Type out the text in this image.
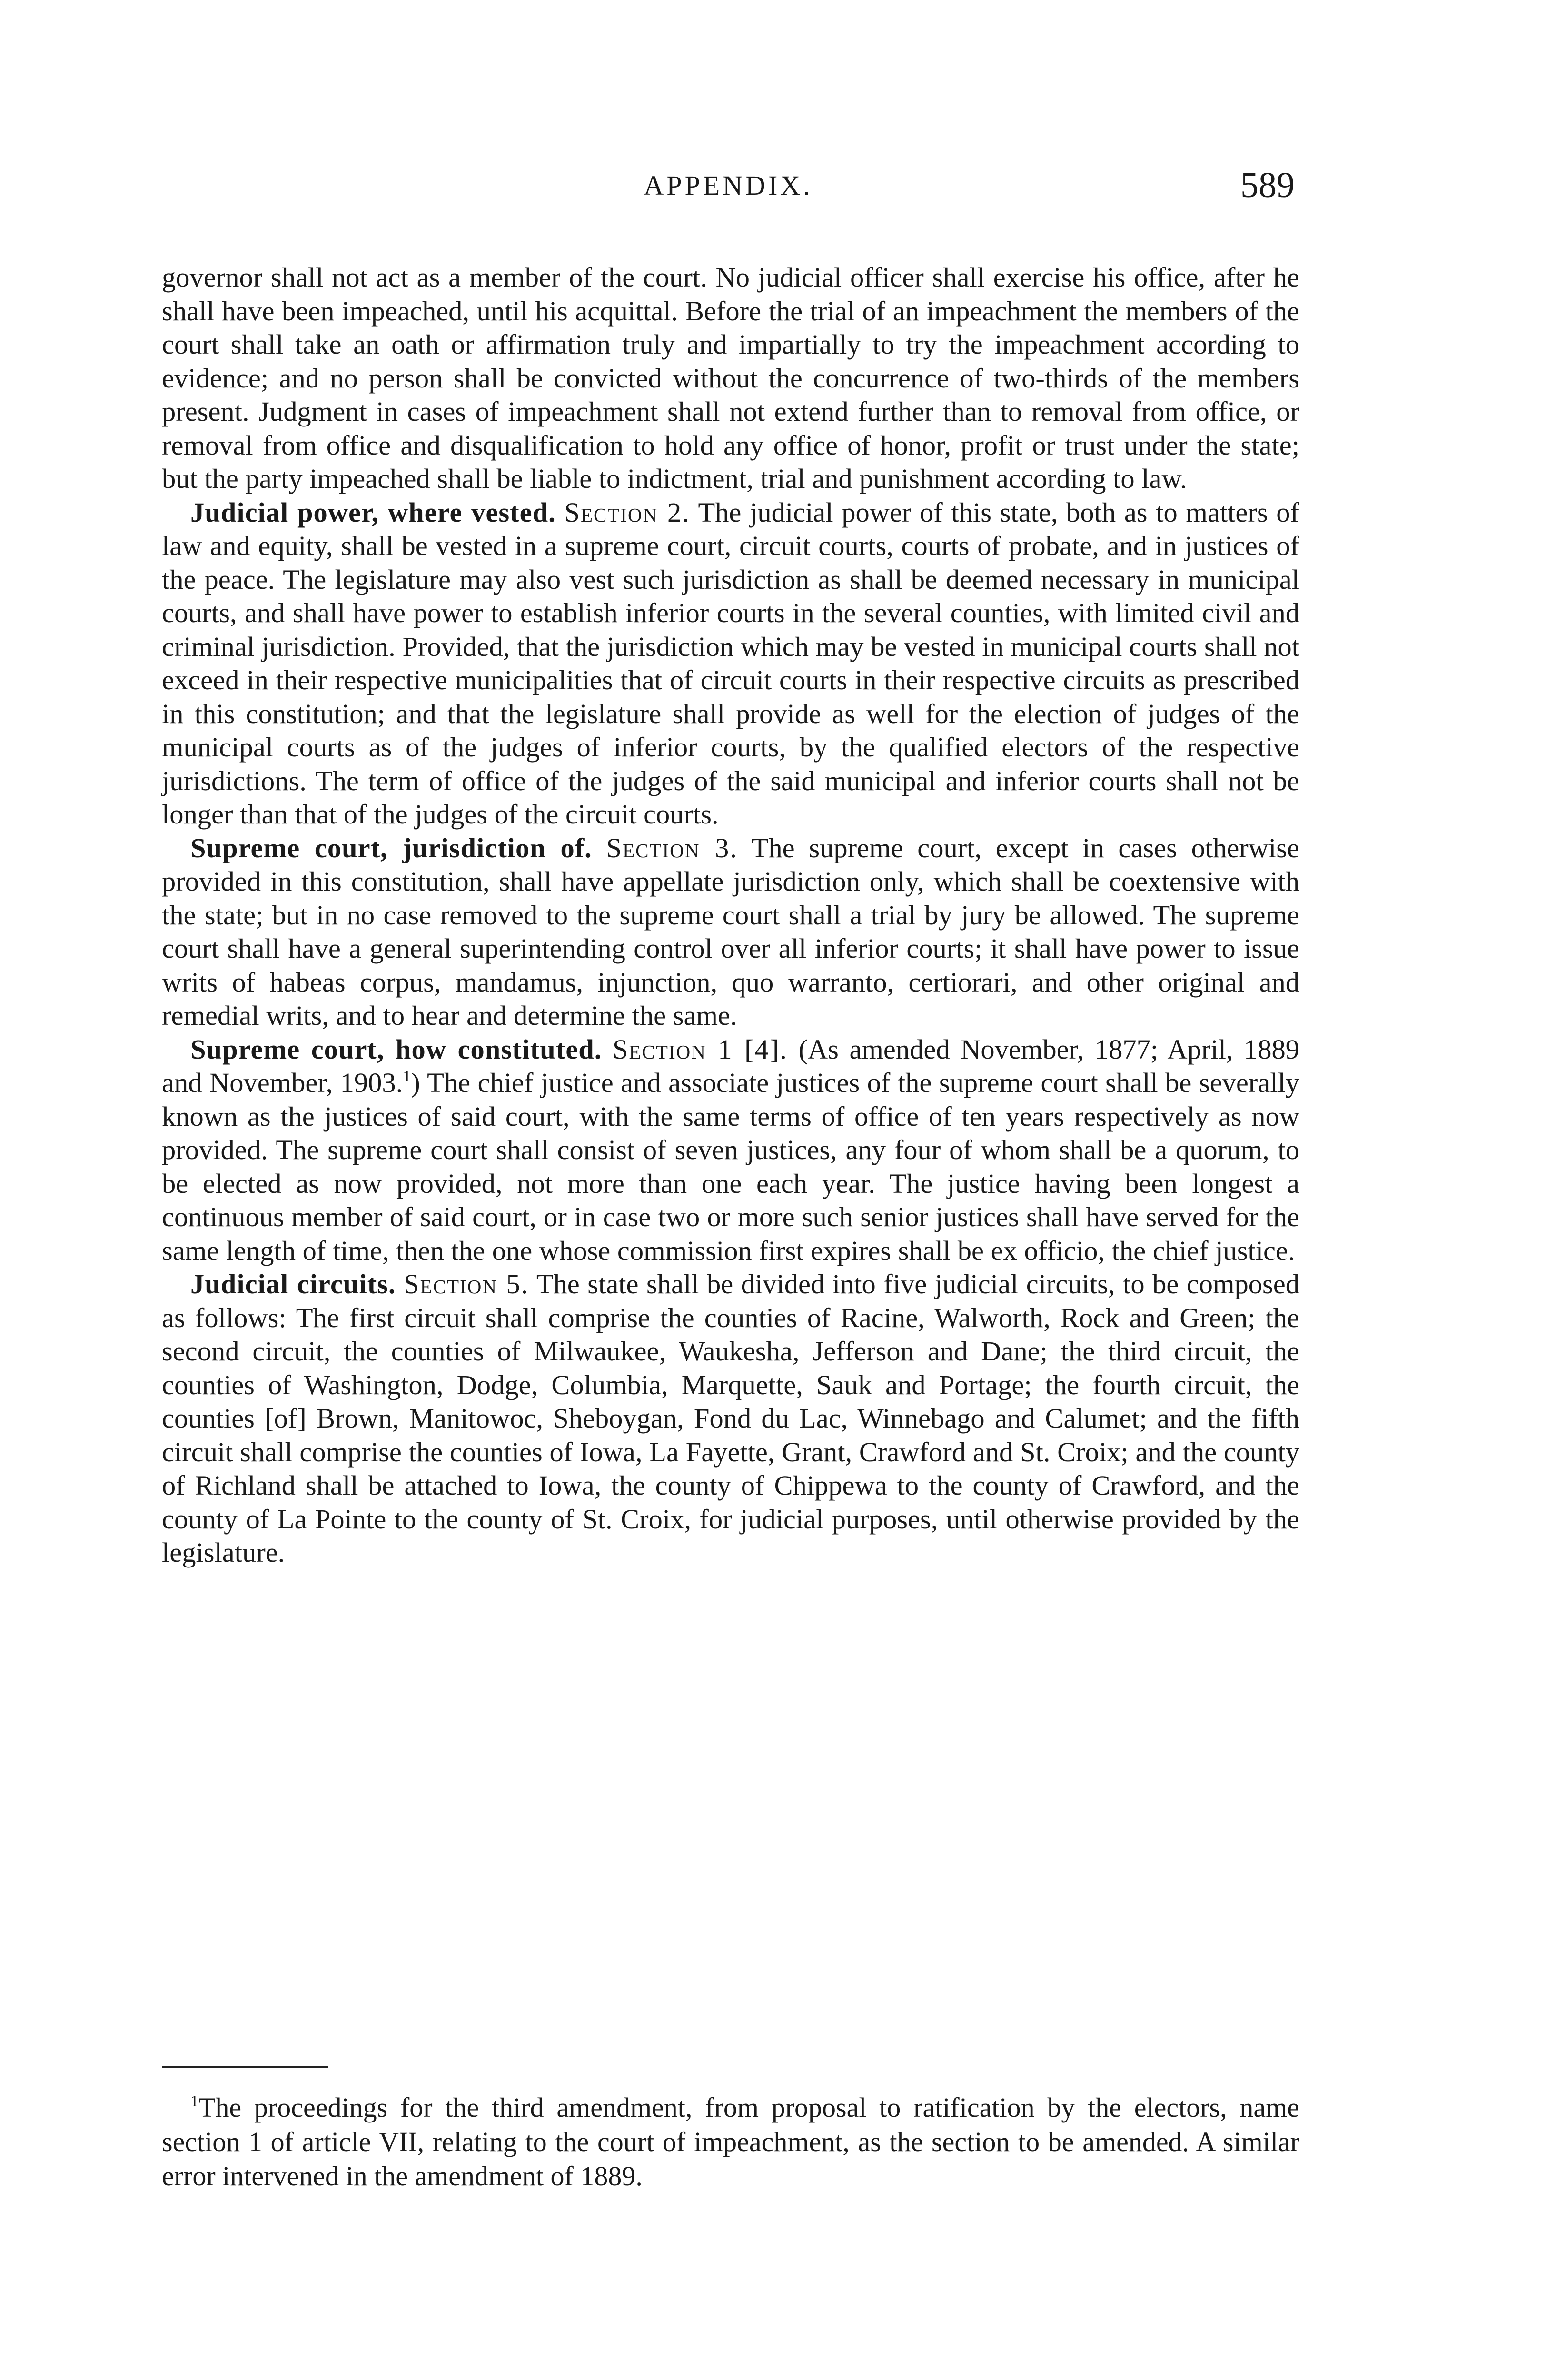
APPENDIX.	589

governor shall not act as a member of the court. No judicial officer shall exercise his office, after he shall have been impeached, until his acquittal. Before the trial of an impeachment the members of the court shall take an oath or affirmation truly and impartially to try the impeachment according to evidence; and no person shall be convicted without the concurrence of two-thirds of the members present. Judgment in cases of impeachment shall not extend further than to removal from office, or removal from office and disqualification to hold any office of honor, profit or trust under the state; but the party impeached shall be liable to indictment, trial and punishment according to law.

Judicial power, where vested. Section 2. The judicial power of this state, both as to matters of law and equity, shall be vested in a supreme court, circuit courts, courts of probate, and in justices of the peace. The legislature may also vest such jurisdiction as shall be deemed necessary in municipal courts, and shall have power to establish inferior courts in the several counties, with limited civil and criminal jurisdiction. Provided, that the jurisdiction which may be vested in municipal courts shall not exceed in their respective municipalities that of circuit courts in their respective circuits as prescribed in this constitution; and that the legislature shall provide as well for the election of judges of the municipal courts as of the judges of inferior courts, by the qualified electors of the respective jurisdictions. The term of office of the judges of the said municipal and inferior courts shall not be longer than that of the judges of the circuit courts.

Supreme court, jurisdiction of. Section 3. The supreme court, except in cases otherwise provided in this constitution, shall have appellate jurisdiction only, which shall be coextensive with the state; but in no case removed to the supreme court shall a trial by jury be allowed. The supreme court shall have a general superintending control over all inferior courts; it shall have power to issue writs of habeas corpus, mandamus, injunction, quo warranto, certiorari, and other original and remedial writs, and to hear and determine the same.

Supreme court, how constituted. Section 1 [4]. (As amended November, 1877; April, 1889 and November, 1903.$^1$) The chief justice and associate justices of the supreme court shall be severally known as the justices of said court, with the same terms of office of ten years respectively as now provided. The supreme court shall consist of seven justices, any four of whom shall be a quorum, to be elected as now provided, not more than one each year. The justice having been longest a continuous member of said court, or in case two or more such senior justices shall have served for the same length of time, then the one whose commission first expires shall be ex officio, the chief justice.

Judicial circuits. Section 5. The state shall be divided into five judicial circuits, to be composed as follows: The first circuit shall comprise the counties of Racine, Walworth, Rock and Green; the second circuit, the counties of Milwaukee, Waukesha, Jefferson and Dane; the third circuit, the counties of Washington, Dodge, Columbia, Marquette, Sauk and Portage; the fourth circuit, the counties [of] Brown, Manitowoc, Sheboygan, Fond du Lac, Winnebago and Calumet; and the fifth circuit shall comprise the counties of Iowa, La Fayette, Grant, Crawford and St. Croix; and the county of Richland shall be attached to Iowa, the county of Chippewa to the county of Crawford, and the county of La Pointe to the county of St. Croix, for judicial purposes, until otherwise provided by the legislature.

$^1$The proceedings for the third amendment, from proposal to ratification by the electors, name section 1 of article VII, relating to the court of impeachment, as the section to be amended. A similar error intervened in the amendment of 1889.
